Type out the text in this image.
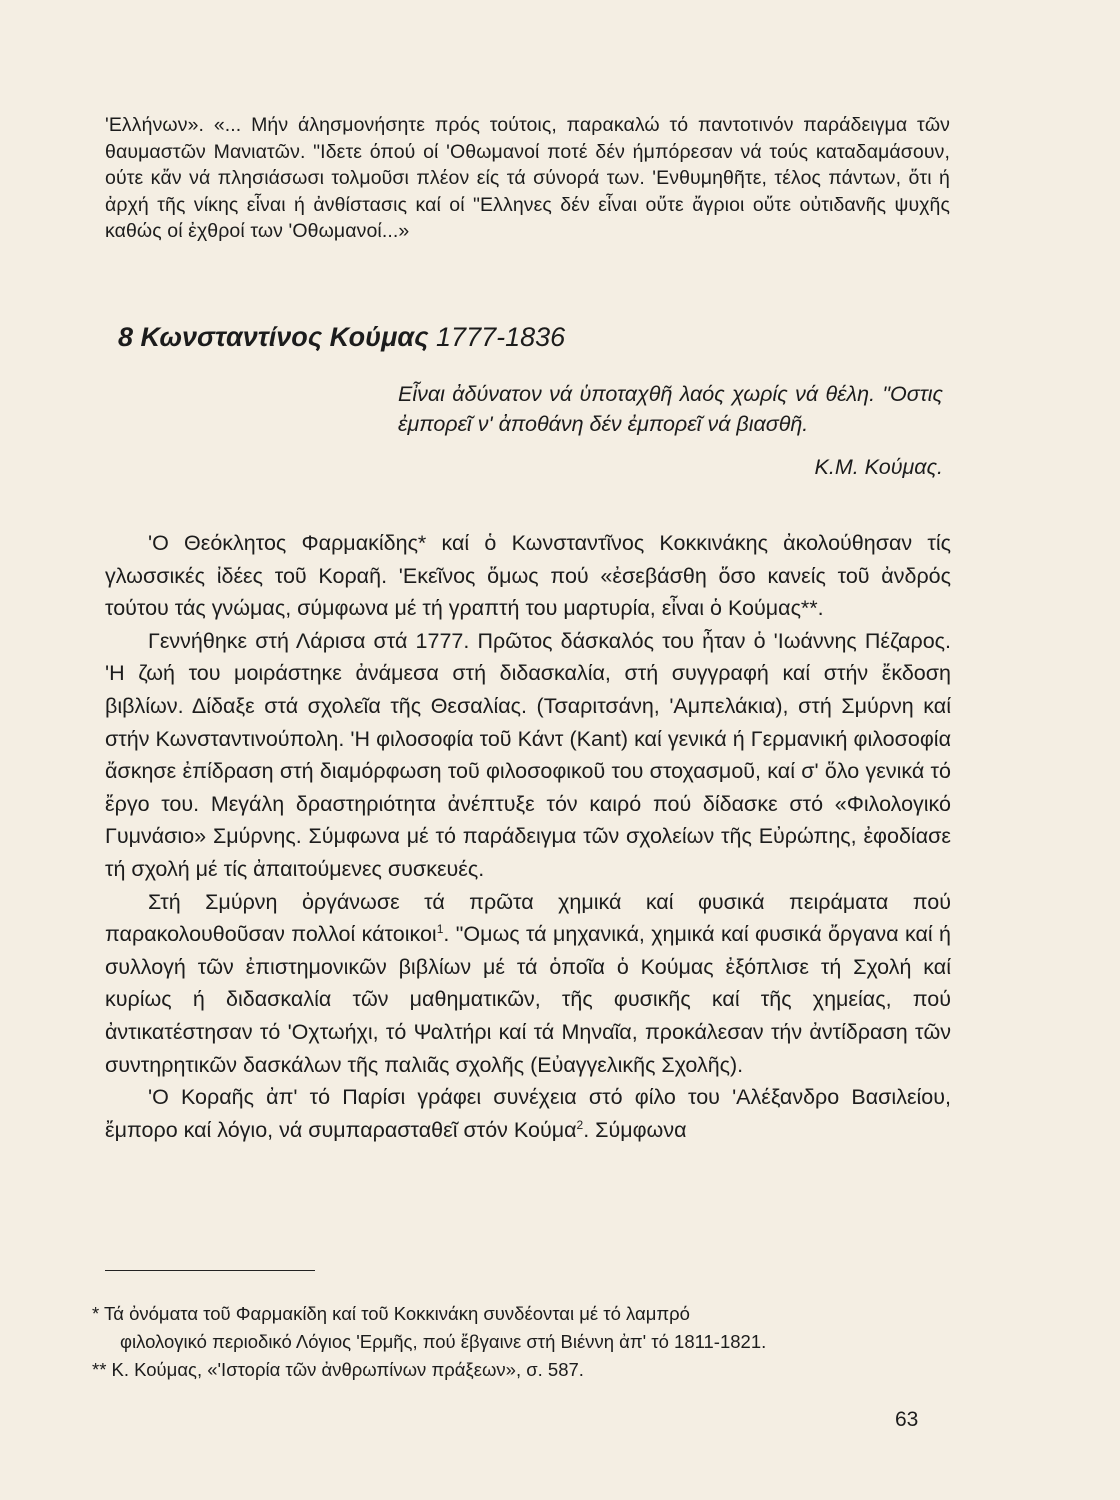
'Ελλήνων». «... Μήν άλησμονήσητε πρός τούτοις, παρακαλώ τό παντοτινόν παράδειγμα τῶν θαυμαστῶν Μανιατῶν. "Ιδετε όπού οί 'Οθωμανοί ποτέ δέν ήμπόρεσαν νά τούς καταδαμάσουν, ούτε κἄν νά πλησιάσωσι τολμοῦσι πλέον είς τά σύνορά των. 'Ενθυμηθῆτε, τέλος πάντων, ὅτι ή ἀρχή τῆς νίκης εἶναι ή ἀνθίστασις καί οί "Ελληνες δέν εἶναι οὔτε ἄγριοι οὔτε οὐτιδανῆς ψυχῆς καθώς οί ἐχθροί των 'Οθωμανοί...»

8 Κωνσταντίνος Κούμας 1777-1836

Εἶναι ἀδύνατον νά ὑποταχθῆ λαός χωρίς νά θέλη. "Οστις ἐμπορεῖ ν' ἀποθάνη δέν ἐμπορεῖ νά βιασθῆ.

Κ.Μ. Κούμας.

'Ο Θεόκλητος Φαρμακίδης* καί ὁ Κωνσταντῖνος Κοκκινάκης ἀκολούθησαν τίς γλωσσικές ἰδέες τοῦ Κοραῆ. 'Εκεῖνος ὅμως πού «ἐσεβάσθη ὅσο κανείς τοῦ ἀνδρός τούτου τάς γνώμας, σύμφωνα μέ τή γραπτή του μαρτυρία, εἶναι ὁ Κούμας**.

Γεννήθηκε στή Λάρισα στά 1777. Πρῶτος δάσκαλός του ἦταν ὁ 'Ιωάννης Πέζαρος. 'Η ζωή του μοιράστηκε ἀνάμεσα στή διδασκαλία, στή συγγραφή καί στήν ἔκδοση βιβλίων. Δίδαξε στά σχολεῖα τῆς Θεσαλίας. (Τσαριτσάνη, 'Αμπελάκια), στή Σμύρνη καί στήν Κωνσταντινούπολη. 'Η φιλοσοφία τοῦ Κάντ (Kant) καί γενικά ή Γερμανική φιλοσοφία ἄσκησε ἐπίδραση στή διαμόρφωση τοῦ φιλοσοφικοῦ του στοχασμοῦ, καί σ' ὅλο γενικά τό ἔργο του. Μεγάλη δραστηριότητα ἀνέπτυξε τόν καιρό πού δίδασκε στό «Φιλολογικό Γυμνάσιο» Σμύρνης. Σύμφωνα μέ τό παράδειγμα τῶν σχολείων τῆς Εὐρώπης, ἐφοδίασε τή σχολή μέ τίς ἀπαιτούμενες συσκευές.

Στή Σμύρνη ὀργάνωσε τά πρῶτα χημικά καί φυσικά πειράματα πού παρακολουθοῦσαν πολλοί κάτοικοι$^1$. "Ομως τά μηχανικά, χημικά καί φυσικά ὄργανα καί ή συλλογή τῶν ἐπιστημονικῶν βιβλίων μέ τά ὁποῖα ὁ Κούμας ἐξόπλισε τή Σχολή καί κυρίως ή διδασκαλία τῶν μαθηματικῶν, τῆς φυσικῆς καί τῆς χημείας, πού ἀντικατέστησαν τό 'Οχτωήχι, τό Ψαλτήρι καί τά Μηναῖα, προκάλεσαν τήν ἀντίδραση τῶν συντηρητικῶν δασκάλων τῆς παλιᾶς σχολῆς (Εὐαγγελικῆς Σχολῆς).

'Ο Κοραῆς ἀπ' τό Παρίσι γράφει συνέχεια στό φίλο του 'Αλέξανδρο Βασιλείου, ἔμπορο καί λόγιο, νά συμπαρασταθεῖ στόν Κούμα$^2$. Σύμφωνα

* Τά ὀνόματα τοῦ Φαρμακίδη καί τοῦ Κοκκινάκη συνδέονται μέ τό λαμπρό

φιλολογικό περιοδικό Λόγιος 'Ερμῆς, πού ἔβγαινε στή Βιέννη ἀπ' τό 1811-1821.

** Κ. Κούμας, «'Ιστορία τῶν ἀνθρωπίνων πράξεων», σ. 587.

63
